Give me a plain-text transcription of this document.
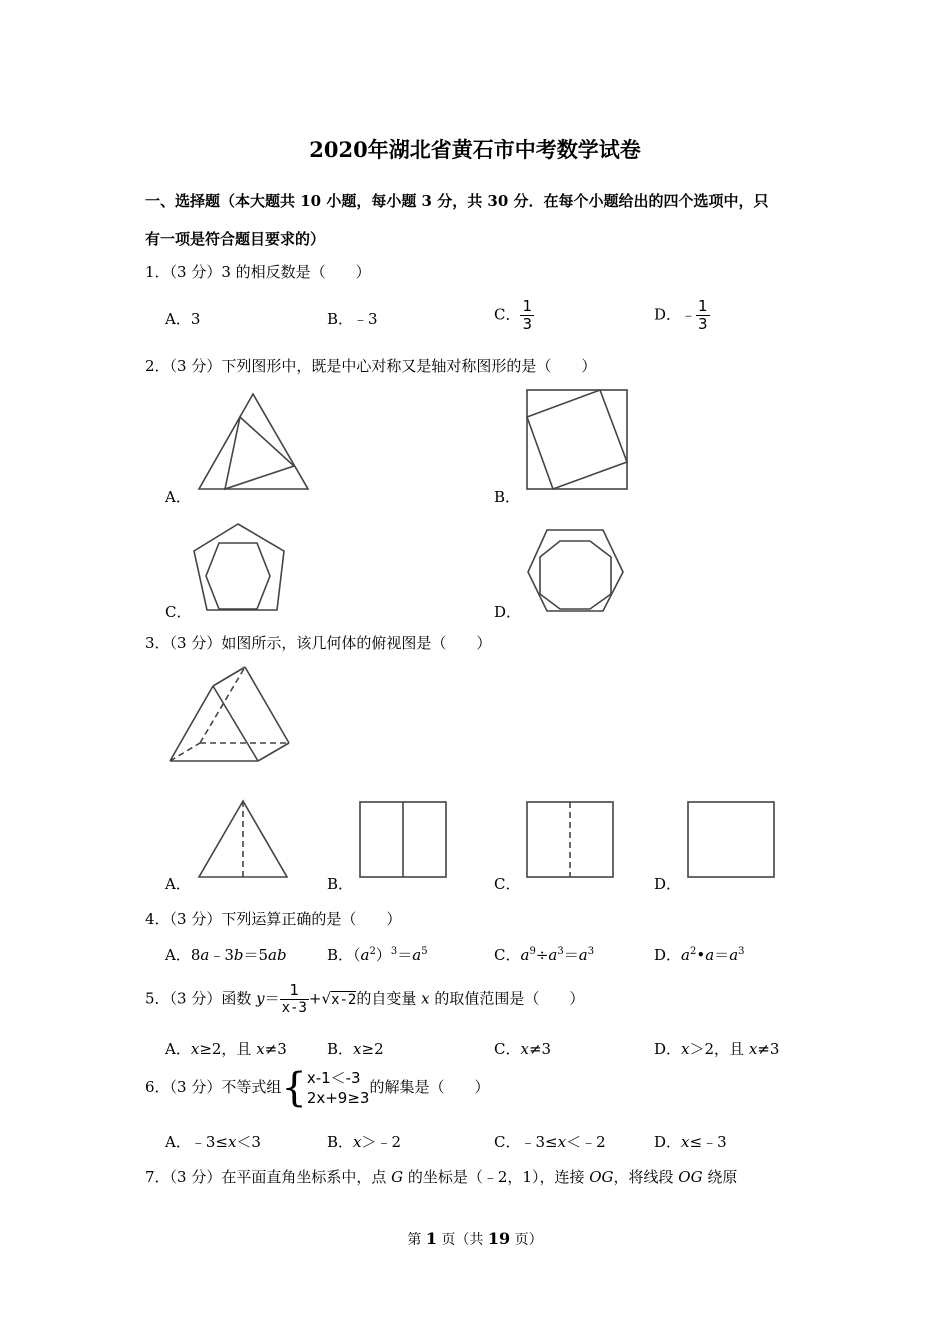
2020年湖北省黄石市中考数学试卷
一、选择题（本大题共 10 小题，每小题 3 分，共 30 分．在每个小题给出的四个选项中，只
有一项是符合题目要求的）
1．（3 分）3 的相反数是（　　）
A．3	B．﹣3	C． $\frac{1}{3}$	D．﹣ $\frac{1}{3}$
2．（3 分）下列图形中，既是中心对称又是轴对称图形的是（　　）
A．	B．
C．	D．
3．（3 分）如图所示，该几何体的俯视图是（　　）
A．	B．	C．	D．
4．（3 分）下列运算正确的是（　　）
A．8a﹣3b＝5ab	B．$(a^2)^3=a^5$	C．$a^9\div a^3=a^3$	D．$a^2•a=a^3$
5．（3 分）函数 $y= \frac{1}{x-3} +√x-2$的自变量 x 的取值范围是（　　）
A．x≥2，且 x≠3	B．x≥2	C．x≠3	D．x＞2，且 x≠3
6．（3 分）不等式组{ x-1＜-3
2x+9≥3
的解集是（　　）
A．﹣3≤x＜3	B．x＞﹣2	C．﹣3≤x＜﹣2	D．x≤﹣3
7．（3 分）在平面直角坐标系中，点 G 的坐标是（﹣2，1），连接 OG，将线段 OG 绕原
第 1 页（共 19 页）
